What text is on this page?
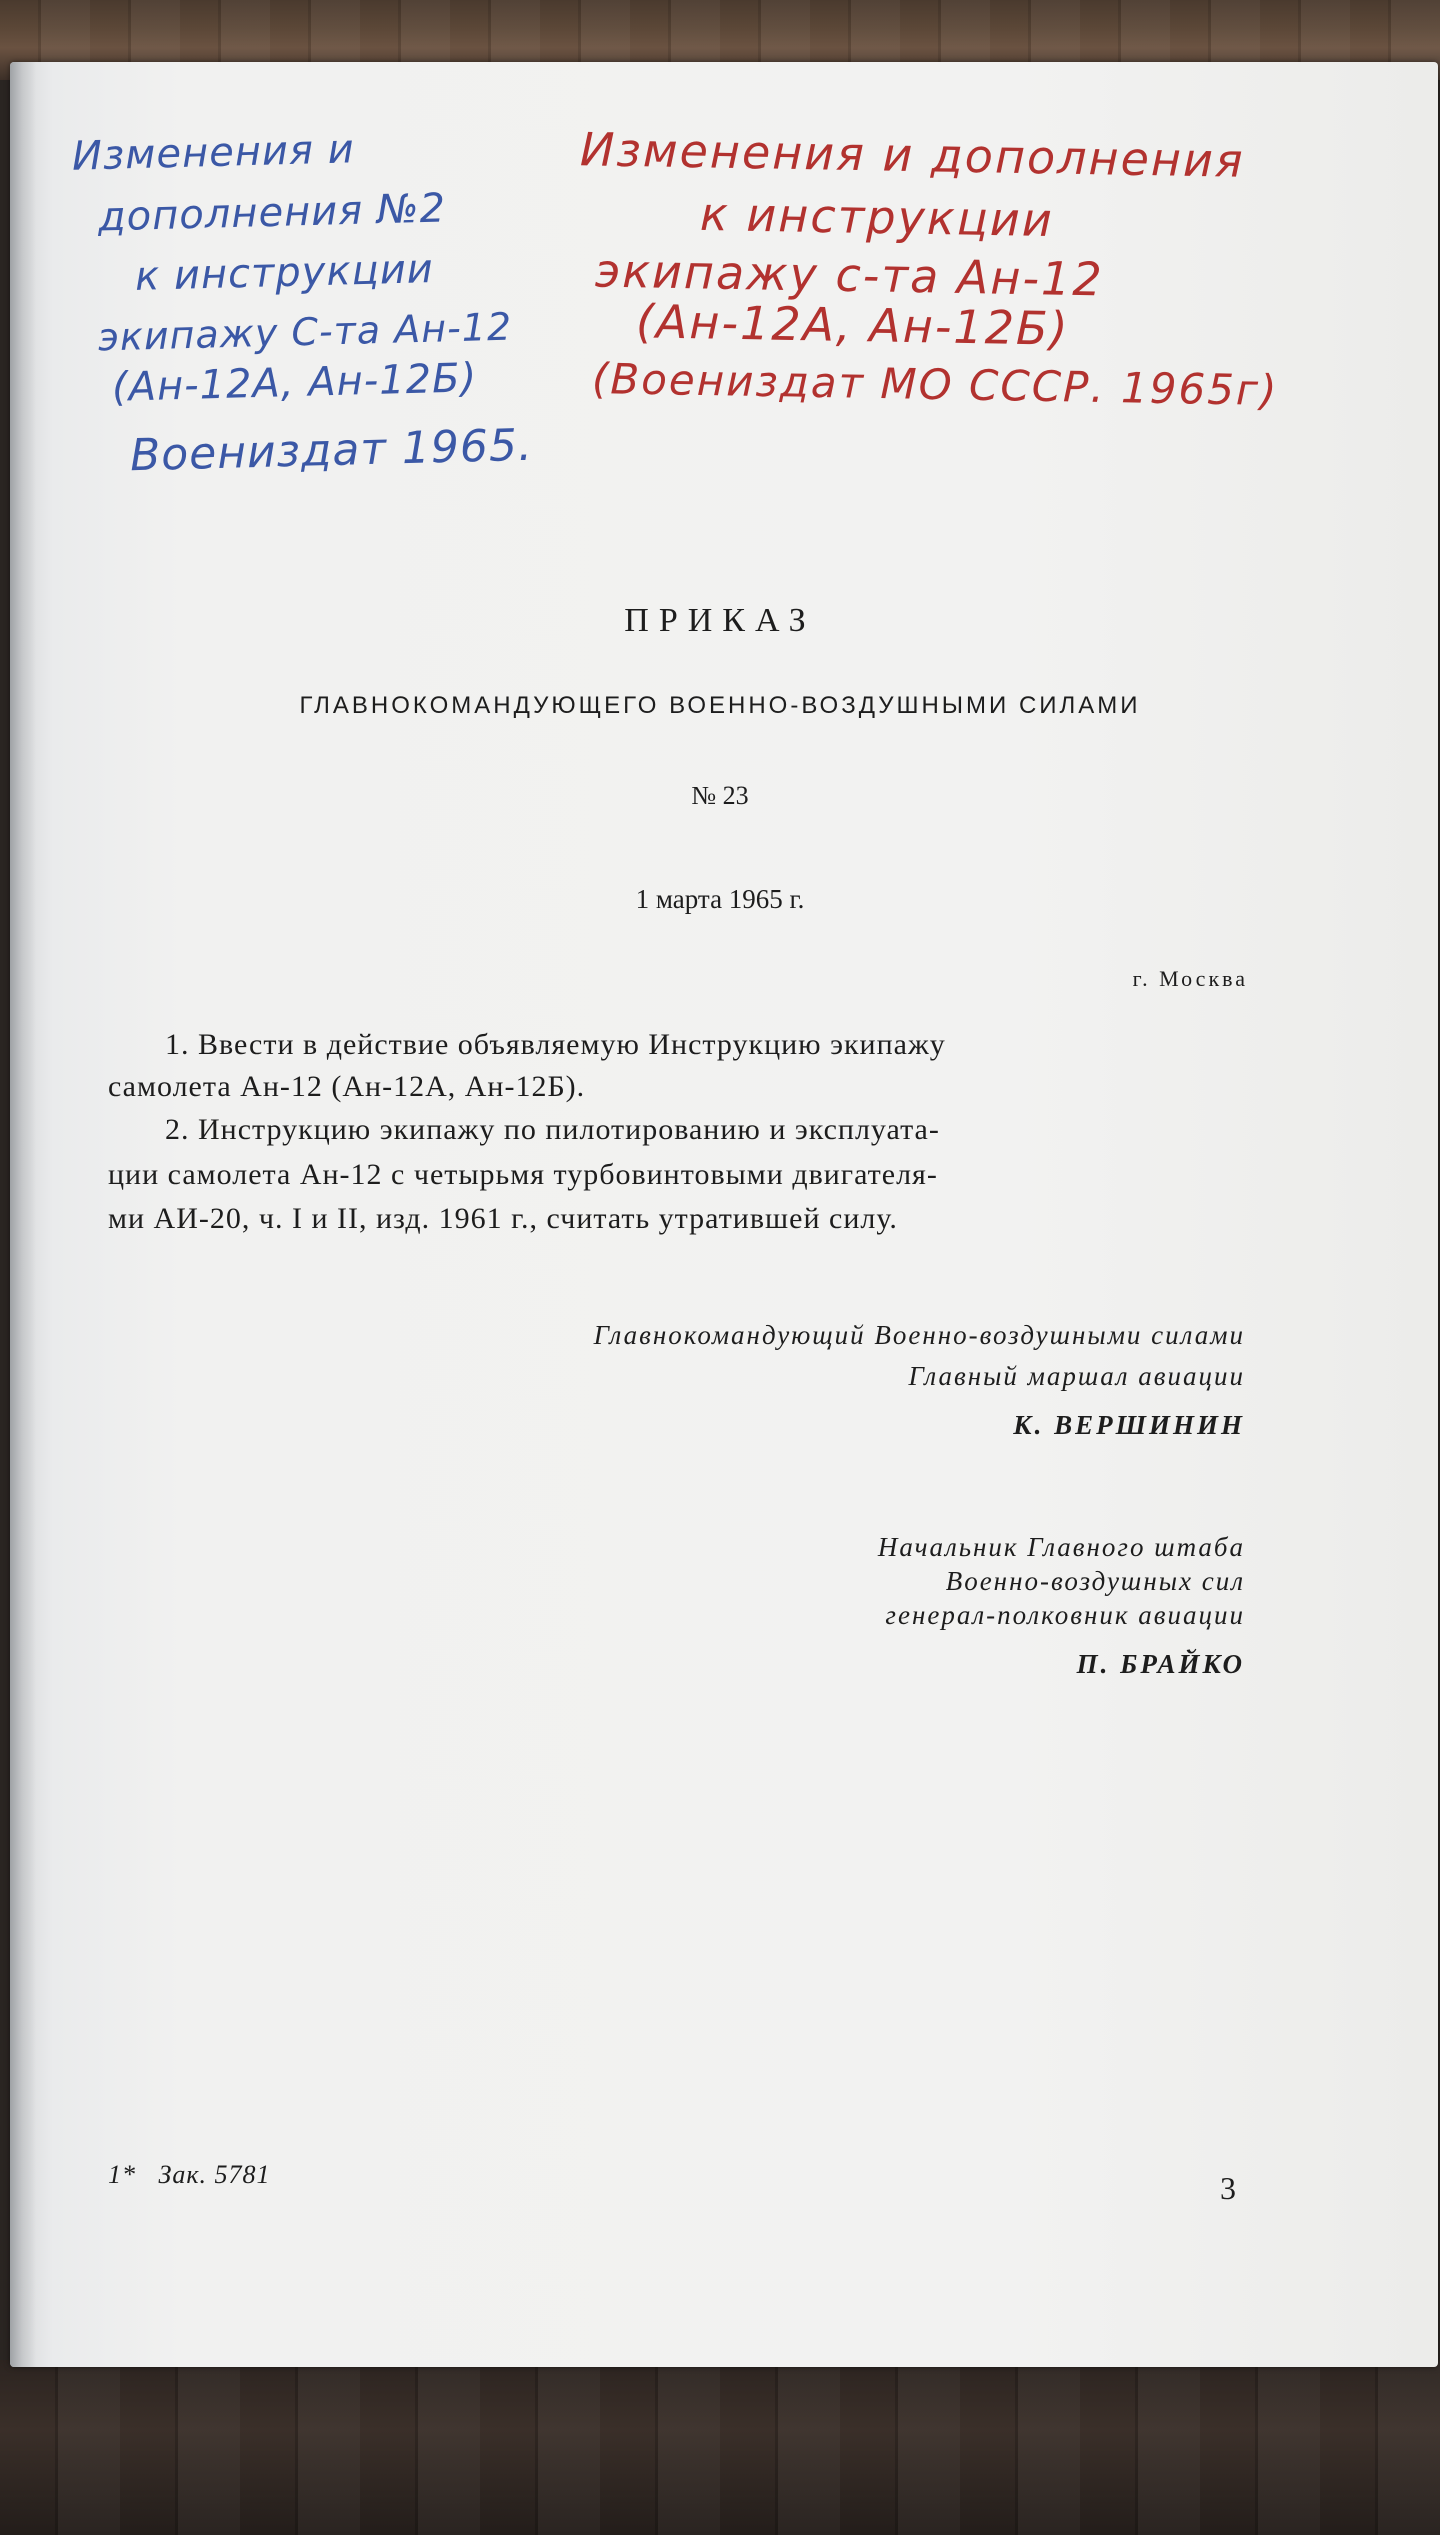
Изменения и

дополнения №2

к инструкции

экипажу С-та Ан-12

(Ан-12А, Ан-12Б)

Воениздат 1965.

Изменения и дополнения

к инструкции

экипажу с-та Ан-12

(Ан-12А, Ан-12Б)

(Воениздат МО СССР. 1965г)

ПРИКАЗ

ГЛАВНОКОМАНДУЮЩЕГО ВОЕННО-ВОЗДУШНЫМИ СИЛАМИ

№ 23

1 марта 1965 г.

г. Москва

1. Ввести в действие объявляемую Инструкцию экипажу

самолета Ан-12 (Ан-12А, Ан-12Б).

2. Инструкцию экипажу по пилотированию и эксплуата-

ции самолета Ан-12 с четырьмя турбовинтовыми двигателя-

ми АИ-20, ч. I и II, изд. 1961 г., считать утратившей силу.

Главнокомандующий Военно-воздушными силами

Главный маршал авиации

К. ВЕРШИНИН

Начальник Главного штаба

Военно-воздушных сил

генерал-полковник авиации

П. БРАЙКО

1*   Зак. 5781	3
